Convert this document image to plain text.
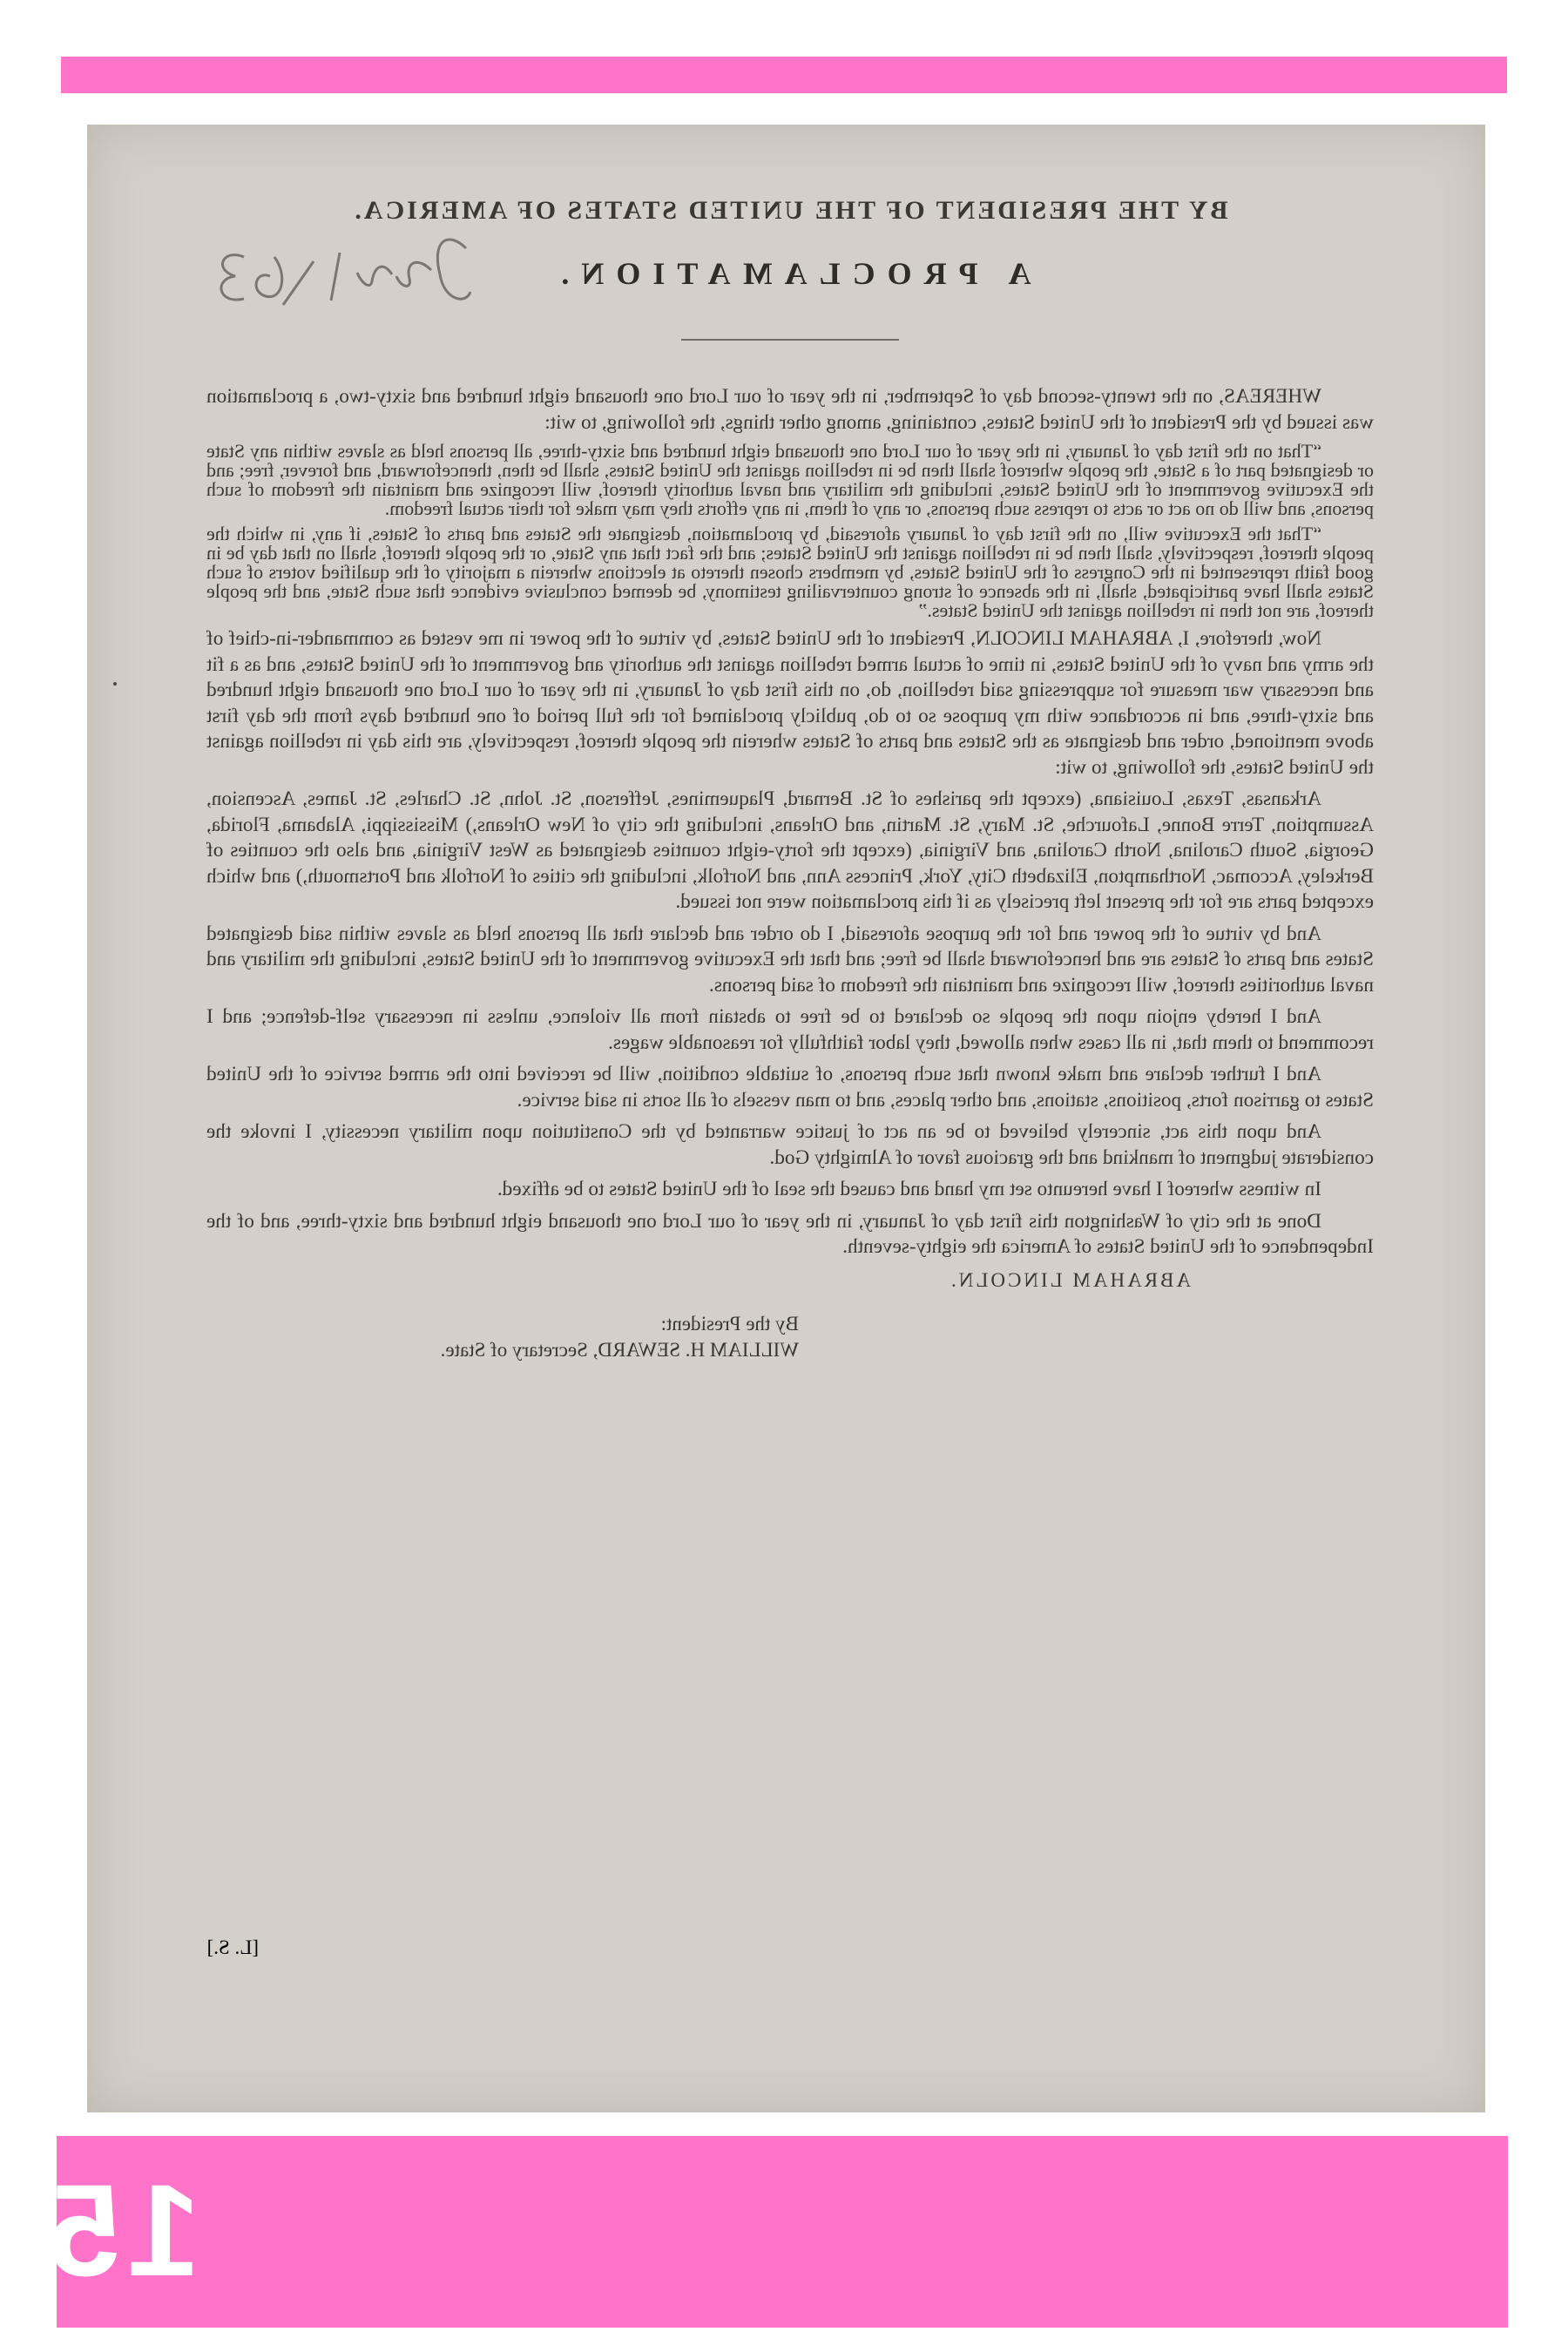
BY THE PRESIDENT OF THE UNITED STATES OF AMERICA.

A PROCLAMATION.

WHEREAS, on the twenty-second day of September, in the year of our Lord one thousand eight hundred and sixty-two, a proclamation was issued by the President of the United States, containing, among other things, the following, to wit:

“That on the first day of January, in the year of our Lord one thousand eight hundred and sixty-three, all persons held as slaves within any State or designated part of a State, the people whereof shall then be in rebellion against the United States, shall be then, thenceforward, and forever, free; and the Executive government of the United States, including the military and naval authority thereof, will recognize and maintain the freedom of such persons, and will do no act or acts to repress such persons, or any of them, in any efforts they may make for their actual freedom.

“That the Executive will, on the first day of January aforesaid, by proclamation, designate the States and parts of States, if any, in which the people thereof, respectively, shall then be in rebellion against the United States; and the fact that any State, or the people thereof, shall on that day be in good faith represented in the Congress of the United States, by members chosen thereto at elections wherein a majority of the qualified voters of such States shall have participated, shall, in the absence of strong countervailing testimony, be deemed conclusive evidence that such State, and the people thereof, are not then in rebellion against the United States.”

Now, therefore, I, ABRAHAM LINCOLN, President of the United States, by virtue of the power in me vested as commander-in-chief of the army and navy of the United States, in time of actual armed rebellion against the authority and government of the United States, and as a fit and necessary war measure for suppressing said rebellion, do, on this first day of January, in the year of our Lord one thousand eight hundred and sixty-three, and in accordance with my purpose so to do, publicly proclaimed for the full period of one hundred days from the day first above mentioned, order and designate as the States and parts of States wherein the people thereof, respectively, are this day in rebellion against the United States, the following, to wit:

Arkansas, Texas, Louisiana, (except the parishes of St. Bernard, Plaquemines, Jefferson, St. John, St. Charles, St. James, Ascension, Assumption, Terre Bonne, Lafourche, St. Mary, St. Martin, and Orleans, including the city of New Orleans,) Mississippi, Alabama, Florida, Georgia, South Carolina, North Carolina, and Virginia, (except the forty-eight counties designated as West Virginia, and also the counties of Berkeley, Accomac, Northampton, Elizabeth City, York, Princess Ann, and Norfolk, including the cities of Norfolk and Portsmouth,) and which excepted parts are for the present left precisely as if this proclamation were not issued.

And by virtue of the power and for the purpose aforesaid, I do order and declare that all persons held as slaves within said designated States and parts of States are and henceforward shall be free; and that the Executive government of the United States, including the military and naval authorities thereof, will recognize and maintain the freedom of said persons.

And I hereby enjoin upon the people so declared to be free to abstain from all violence, unless in necessary self-defence; and I recommend to them that, in all cases when allowed, they labor faithfully for reasonable wages.

And I further declare and make known that such persons, of suitable condition, will be received into the armed service of the United States to garrison forts, positions, stations, and other places, and to man vessels of all sorts in said service.

And upon this act, sincerely believed to be an act of justice warranted by the Constitution upon military necessity, I invoke the considerate judgment of mankind and the gracious favor of Almighty God.

In witness whereof I have hereunto set my hand and caused the seal of the United States to be affixed.

Done at the city of Washington this first day of January, in the year of our Lord one thousand eight hundred and sixty-three, and of the Independence of the United States of America the eighty-seventh.

ABRAHAM LINCOLN.
By the President:
WILLIAM H. SEWARD, Secretary of State.
[L. S.]
15
